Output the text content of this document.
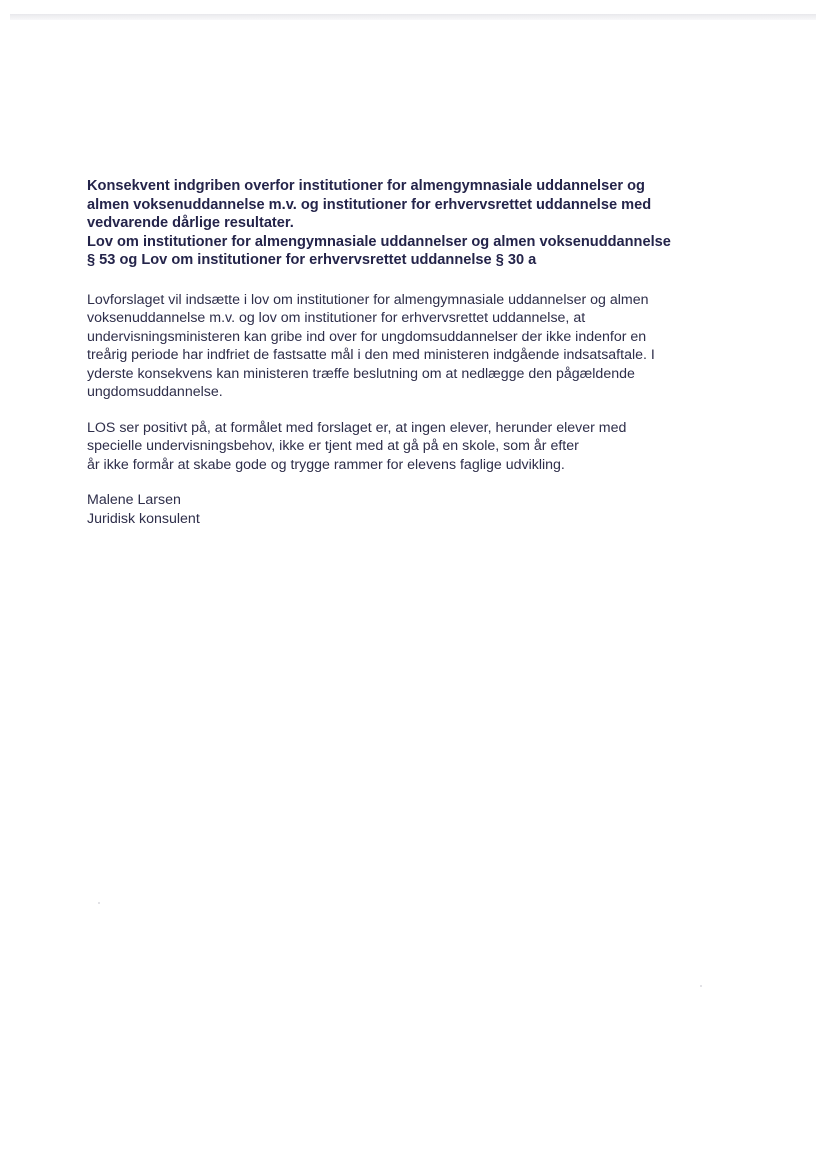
Konsekvent indgriben overfor institutioner for almengymnasiale uddannelser og
almen voksenuddannelse m.v. og institutioner for erhvervsrettet uddannelse med
vedvarende dårlige resultater.
Lov om institutioner for almengymnasiale uddannelser og almen voksenuddannelse
§ 53 og Lov om institutioner for erhvervsrettet uddannelse § 30 a

Lovforslaget vil indsætte i lov om institutioner for almengymnasiale uddannelser og almen
voksenuddannelse m.v. og lov om institutioner for erhvervsrettet uddannelse, at
undervisningsministeren kan gribe ind over for ungdomsuddannelser der ikke indenfor en
treårig periode har indfriet de fastsatte mål i den med ministeren indgående indsatsaftale. I
yderste konsekvens kan ministeren træffe beslutning om at nedlægge den pågældende
ungdomsuddannelse.

LOS ser positivt på, at formålet med forslaget er, at ingen elever, herunder elever med
specielle undervisningsbehov, ikke er tjent med at gå på en skole, som år efter
år ikke formår at skabe gode og trygge rammer for elevens faglige udvikling.

Malene Larsen
Juridisk konsulent
